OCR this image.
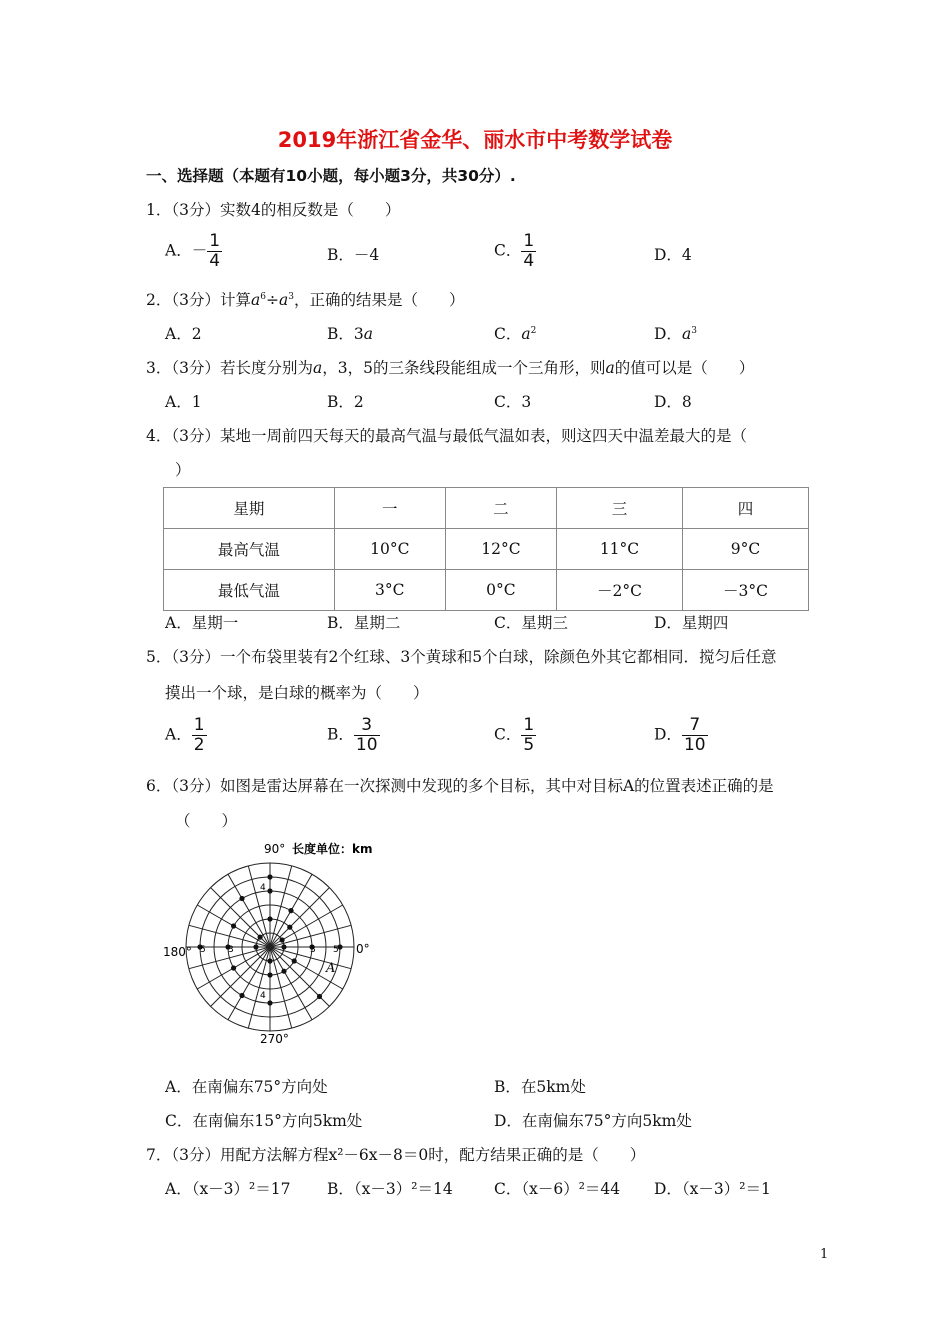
2019年浙江省金华、丽水市中考数学试卷
一、选择题（本题有10小题，每小题3分，共30分）.
1．（3分）实数4的相反数是（　　）
A．－ $\frac{1}{4}$	B．－4	C． $\frac{1}{4}$	D．4
2．（3分）计算$a^6\div a^3$，正确的结果是（　　）
A．2	B．3a	C．$a^2$	D．$a^3$
3．（3分）若长度分别为a，3，5的三条线段能组成一个三角形，则a的值可以是（　　）
A．1	B．2	C．3	D．8
4．（3分）某地一周前四天每天的最高气温与最低气温如表，则这四天中温差最大的是（
）
星期	一	二	三	四
最高气温	10°C	12°C	11°C	9°C
最低气温	3°C	0°C	－2°C	－3°C
A．星期一	B．星期二	C．星期三	D．星期四
5．（3分）一个布袋里装有2个红球、3个黄球和5个白球，除颜色外其它都相同．搅匀后任意
摸出一个球，是白球的概率为（　　）
A． $\frac{1}{2}$	B． $\frac{3}{10}$	C． $\frac{1}{5}$	D． $\frac{7}{10}$
6．（3分）如图是雷达屏幕在一次探测中发现的多个目标，其中对目标A的位置表述正确的是
（　　）
90° 长度单位：km
180°	0°
270°
3
4
5
3
5
4
A
A．在南偏东75°方向处	B．在5km处
C．在南偏东15°方向5km处	D．在南偏东75°方向5km处
7．（3分）用配方法解方程x²－6x－8＝0时，配方结果正确的是（　　）
A．（x－3）²＝17 B．（x－3）²＝14	C．（x－6）²＝44 D．（x－3）²＝1
1
